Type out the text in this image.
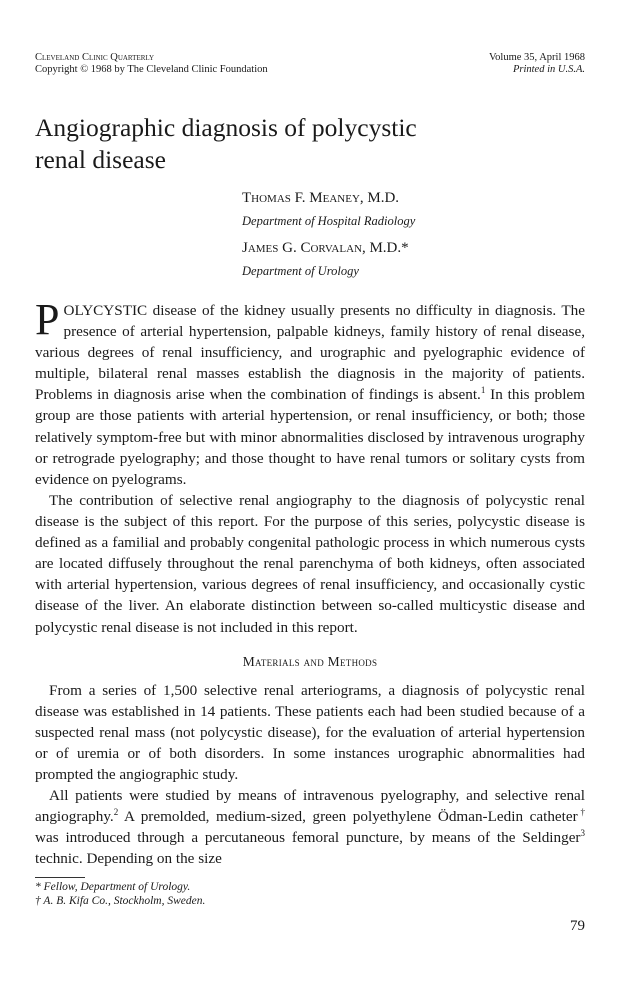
Cleveland Clinic Quarterly
Copyright © 1968 by The Cleveland Clinic Foundation
Volume 35, April 1968
Printed in U.S.A.
Angiographic diagnosis of polycystic
renal disease
Thomas F. Meaney, M.D.
Department of Hospital Radiology
James G. Corvalan, M.D.*
Department of Urology

POLYCYSTIC disease of the kidney usually presents no difficulty in diagnosis. The presence of arterial hypertension, palpable kidneys, family history of renal disease, various degrees of renal insufficiency, and urographic and pyelographic evidence of multiple, bilateral renal masses establish the diagnosis in the majority of patients. Problems in diagnosis arise when the combination of findings is absent.$^1$ In this problem group are those patients with arterial hypertension, or renal insufficiency, or both; those relatively symptom-free but with minor abnormalities disclosed by intravenous urography or retrograde pyelography; and those thought to have renal tumors or solitary cysts from evidence on pyelograms.

The contribution of selective renal angiography to the diagnosis of polycystic renal disease is the subject of this report. For the purpose of this series, polycystic disease is defined as a familial and probably congenital pathologic process in which numerous cysts are located diffusely throughout the renal parenchyma of both kidneys, often associated with arterial hypertension, various degrees of renal insufficiency, and occasionally cystic disease of the liver. An elaborate distinction between so-called multicystic disease and polycystic renal disease is not included in this report.

Materials and Methods

From a series of 1,500 selective renal arteriograms, a diagnosis of polycystic renal disease was established in 14 patients. These patients each had been studied because of a suspected renal mass (not polycystic disease), for the evaluation of arterial hypertension or of uremia or of both disorders. In some instances urographic abnormalities had prompted the angiographic study.

All patients were studied by means of intravenous pyelography, and selective renal angiography.$^2$ A premolded, medium-sized, green polyethylene Ödman-Ledin catheter† was introduced through a percutaneous femoral puncture, by means of the Seldinger$^3$ technic. Depending on the size

* Fellow, Department of Urology.
† A. B. Kifa Co., Stockholm, Sweden.
79
